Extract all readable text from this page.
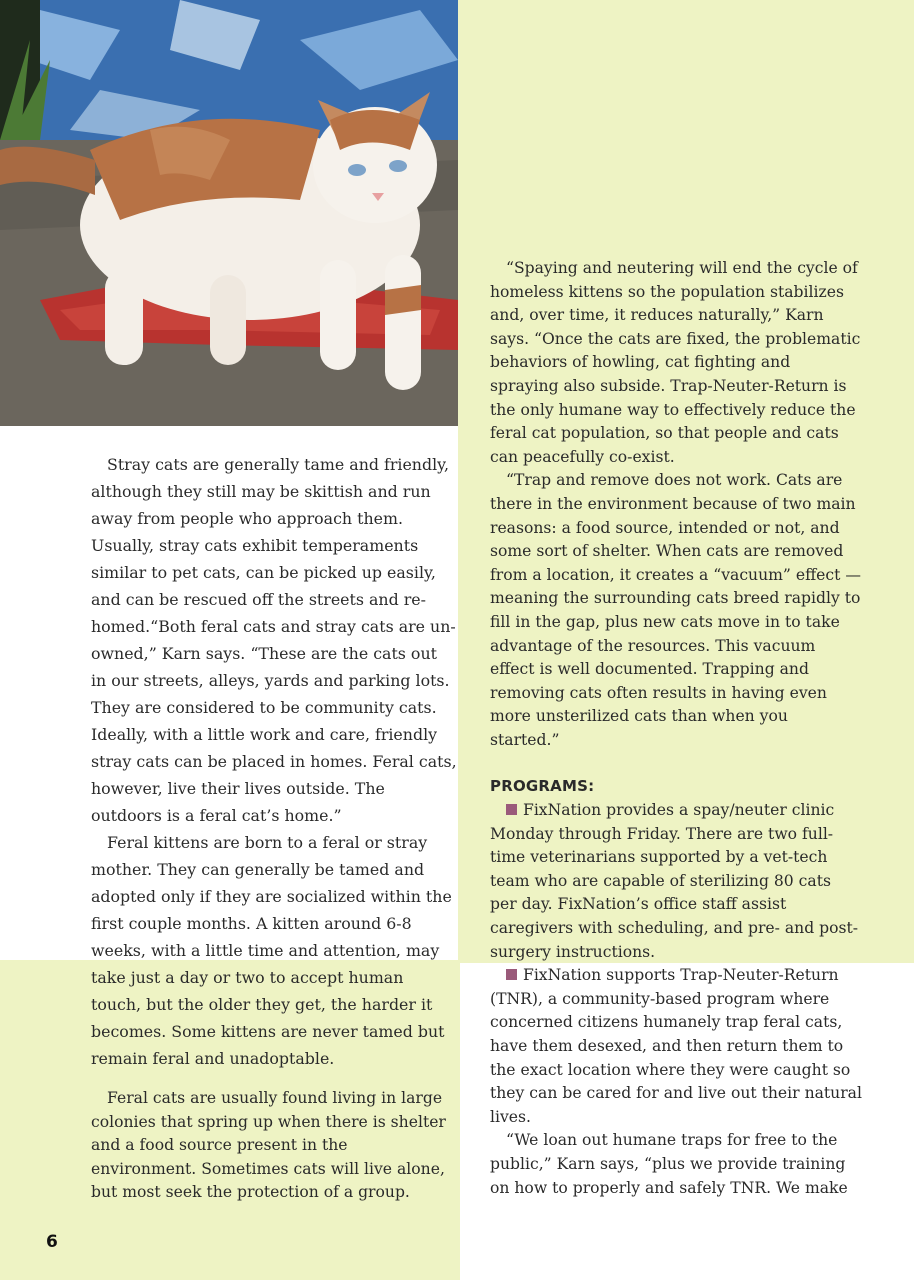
Stray cats are generally tame and friendly, although they still may be skittish and run away from people who approach them. Usually, stray cats exhibit temperaments similar to pet cats, can be picked up easily, and can be rescued off the streets and re-homed.“Both feral cats and stray cats are un-owned,” Karn says. “These are the cats out in our streets, alleys, yards and parking lots. They are considered to be community cats. Ideally, with a little work and care, friendly stray cats can be placed in homes. Feral cats, however, live their lives outside. The outdoors is a feral cat’s home.”

Feral kittens are born to a feral or stray mother. They can generally be tamed and adopted only if they are socialized within the first couple months. A kitten around 6-8 weeks, with a little time and attention, may take just a day or two to accept human touch, but the older they get, the harder it becomes. Some kittens are never tamed but remain feral and unadoptable.

Feral cats are usually found living in large colonies that spring up when there is shelter and a food source present in the environment. Sometimes cats will live alone, but most seek the protection of a group.

“Spaying and neutering will end the cycle of homeless kittens so the population stabilizes and, over time, it reduces naturally,” Karn says. “Once the cats are fixed, the problematic behaviors of howling, cat fighting and spraying also subside. Trap-Neuter-Return is the only humane way to effectively reduce the feral cat population, so that people and cats can peacefully co-exist.

“Trap and remove does not work. Cats are there in the environment because of two main reasons: a food source, intended or not, and some sort of shelter. When cats are removed from a location, it creates a “vacuum” effect — meaning the surrounding cats breed rapidly to fill in the gap, plus new cats move in to take advantage of the resources. This vacuum effect is well documented. Trapping and removing cats often results in having even more unsterilized cats than when you started.”

PROGRAMS:

FixNation provides a spay/neuter clinic Monday through Friday. There are two full-time veterinarians supported by a vet-tech team who are capable of sterilizing 80 cats per day. FixNation’s office staff assist caregivers with scheduling, and pre- and post-surgery instructions.

FixNation supports Trap-Neuter-Return (TNR), a community-based program where concerned citizens humanely trap feral cats, have them desexed, and then return them to the exact location where they were caught so they can be cared for and live out their natural lives.

“We loan out humane traps for free to the public,” Karn says, “plus we provide training on how to properly and safely TNR. We make

6
